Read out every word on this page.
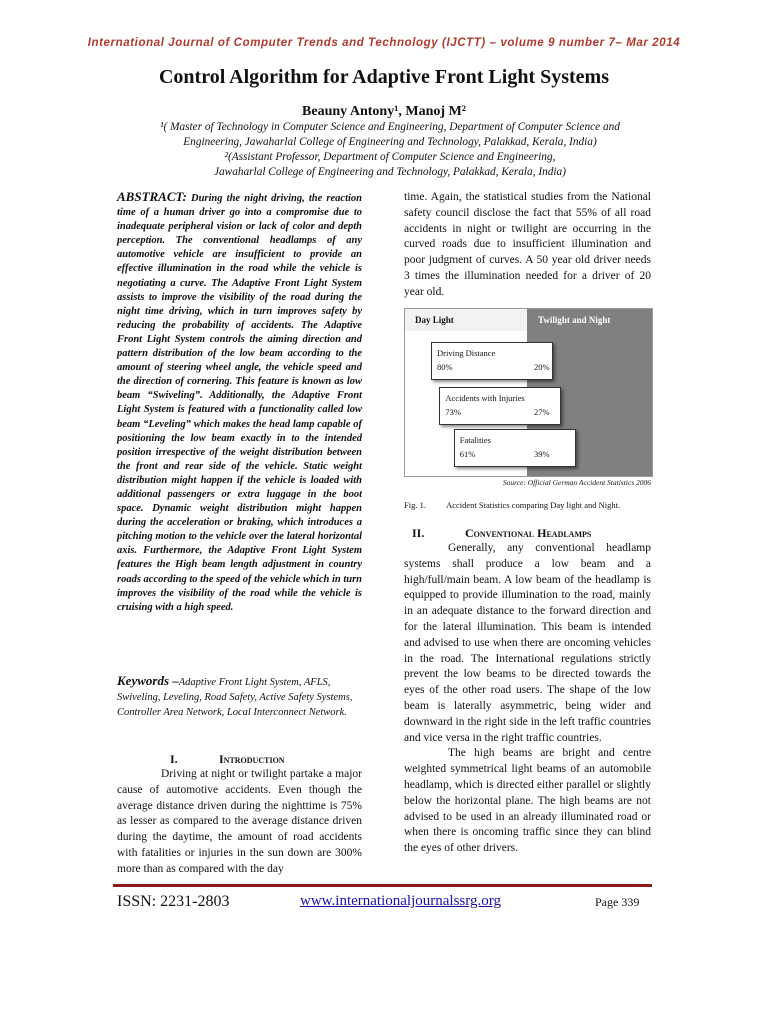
International Journal of Computer Trends and Technology (IJCTT) – volume 9 number 7– Mar 2014
Control Algorithm for Adaptive Front Light Systems
Beauny Antony¹, Manoj M²

¹( Master of Technology in Computer Science and Engineering, Department of Computer Science and

Engineering, Jawaharlal College of Engineering and Technology, Palakkad, Kerala, India)

²(Assistant Professor, Department of Computer Science and Engineering,

Jawaharlal College of Engineering and Technology, Palakkad, Kerala, India)

ABSTRACT: During the night driving, the reaction time of a human driver go into a compromise due to inadequate peripheral vision or lack of color and depth perception. The conventional headlamps of any automotive vehicle are insufficient to provide an effective illumination in the road while the vehicle is negotiating a curve. The Adaptive Front Light System assists to improve the visibility of the road during the night time driving, which in turn improves safety by reducing the probability of accidents. The Adaptive Front Light System controls the aiming direction and pattern distribution of the low beam according to the amount of steering wheel angle, the vehicle speed and the direction of cornering. This feature is known as low beam “Swiveling”. Additionally, the Adaptive Front Light System is featured with a functionality called low beam “Leveling” which makes the head lamp capable of positioning the low beam exactly in to the intended position irrespective of the weight distribution between the front and rear side of the vehicle. Static weight distribution might happen if the vehicle is loaded with additional passengers or extra luggage in the boot space. Dynamic weight distribution might happen during the acceleration or braking, which introduces a pitching motion to the vehicle over the lateral horizontal axis. Furthermore, the Adaptive Front Light System features the High beam length adjustment in country roads according to the speed of the vehicle which in turn improves the visibility of the road while the vehicle is cruising with a high speed.
Keywords –Adaptive Front Light System, AFLS, Swiveling, Leveling, Road Safety, Active Safety Systems, Controller Area Network, Local Interconnect Network.
I.	Introduction

Driving at night or twilight partake a major cause of automotive accidents. Even though the average distance driven during the nighttime is 75% as lesser as compared to the average distance driven during the daytime, the amount of road accidents with fatalities or injuries in the sun down are 300% more than as compared with the day

time. Again, the statistical studies from the National safety council disclose the fact that 55% of all road accidents in night or twilight are occurring in the curved roads due to insufficient illumination and poor judgment of curves. A 50 year old driver needs 3 times the illumination needed for a driver of 20 year old.

Day Light	Twilight and Night
Driving Distance
80%	20%
Accidents with Injuries
73%	27%
Fatalities
61%	39%
Source: Official German Accident Statistics 2006
Fig. 1. Accident Statistics comparing Day light and Night.
II.	Conventional Headlamps

Generally, any conventional headlamp systems shall produce a low beam and a high/full/main beam. A low beam of the headlamp is equipped to provide illumination to the road, mainly in an adequate distance to the forward direction and for the lateral illumination. This beam is intended and advised to use when there are oncoming vehicles in the road. The International regulations strictly prevent the low beams to be directed towards the eyes of the other road users. The shape of the low beam is laterally asymmetric, being wider and downward in the right side in the left traffic countries and vice versa in the right traffic countries.

The high beams are bright and centre weighted symmetrical light beams of an automobile headlamp, which is directed either parallel or slightly below the horizontal plane. The high beams are not advised to be used in an already illuminated road or when there is oncoming traffic since they can blind the eyes of other drivers.

ISSN: 2231-2803	www.internationaljournalssrg.org	Page 339
